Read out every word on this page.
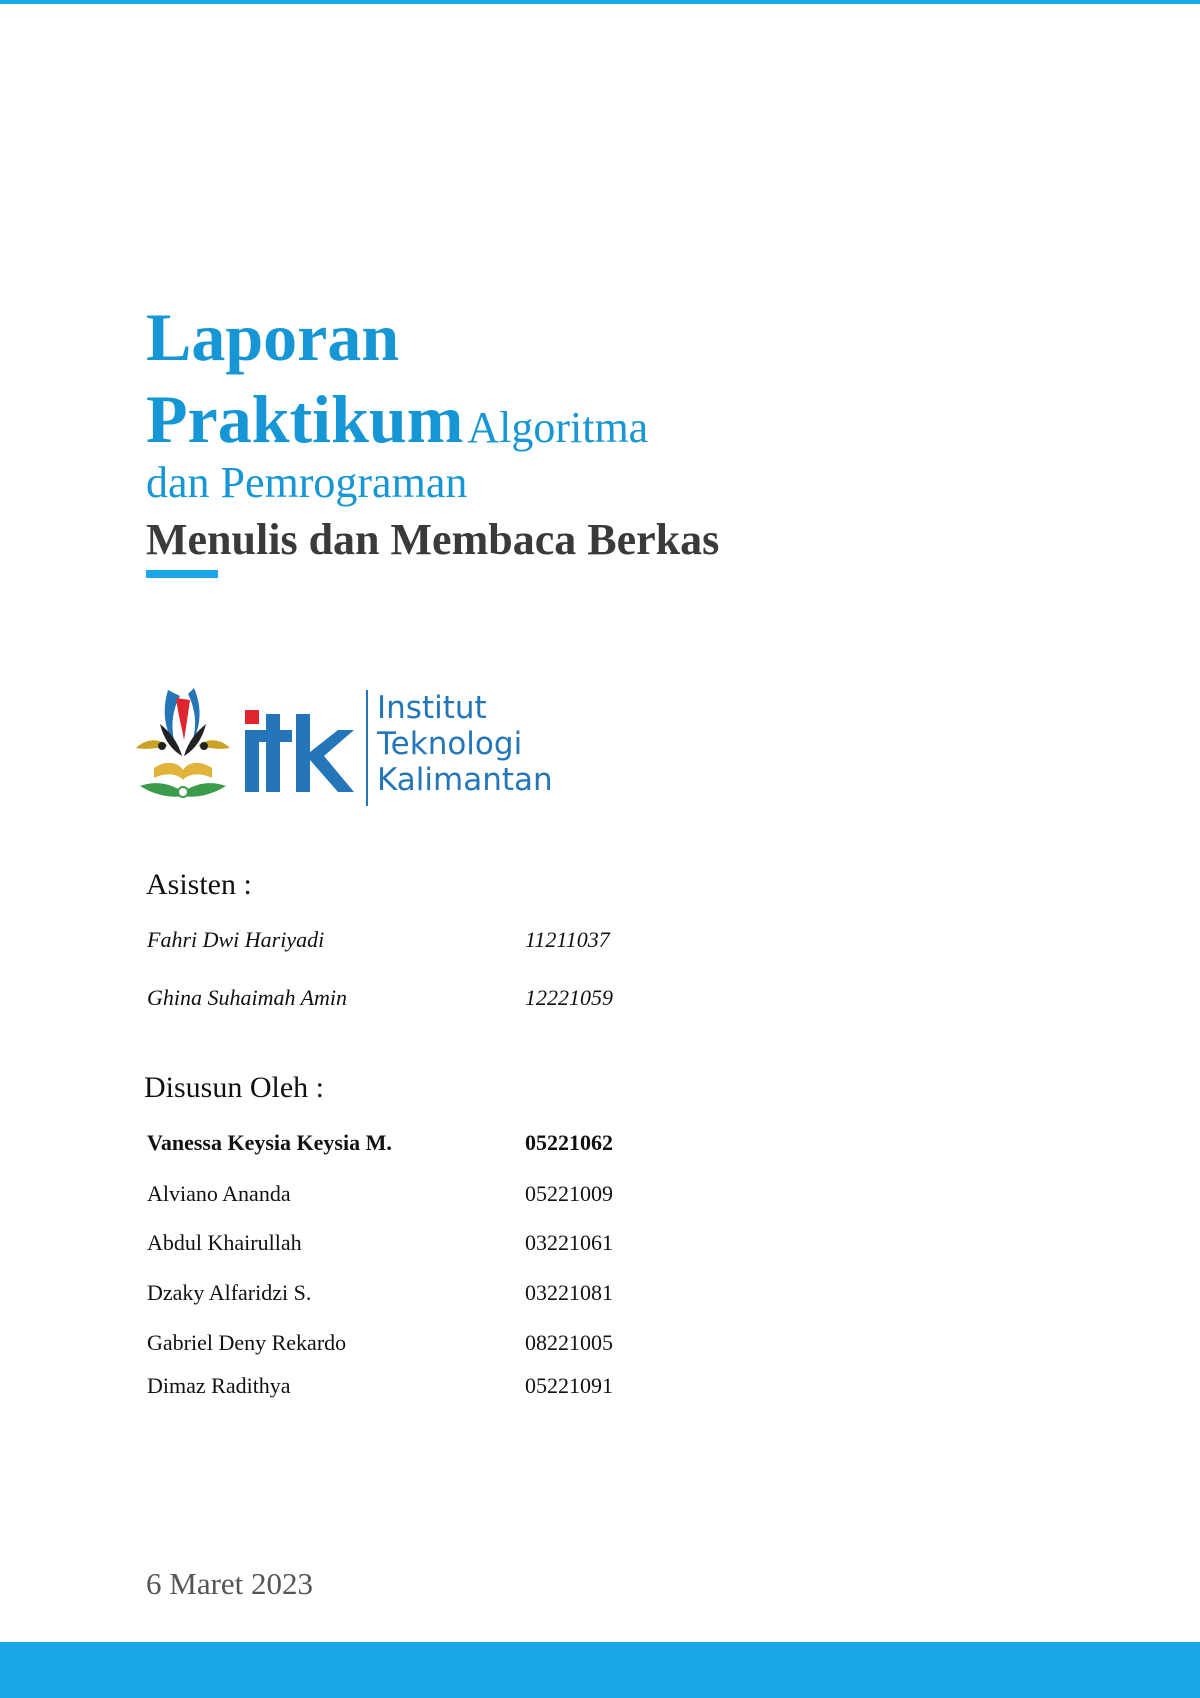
Laporan
Praktikum Algoritma
dan Pemrograman
Menulis dan Membaca Berkas
Institut
Teknologi
Kalimantan
Asisten :
Fahri Dwi Hariyadi	11211037
Ghina Suhaimah Amin	12221059
Disusun Oleh :
Vanessa Keysia Keysia M.	05221062
Alviano Ananda	05221009
Abdul Khairullah	03221061
Dzaky Alfaridzi S.	03221081
Gabriel Deny Rekardo	08221005
Dimaz Radithya	05221091
6 Maret 2023
